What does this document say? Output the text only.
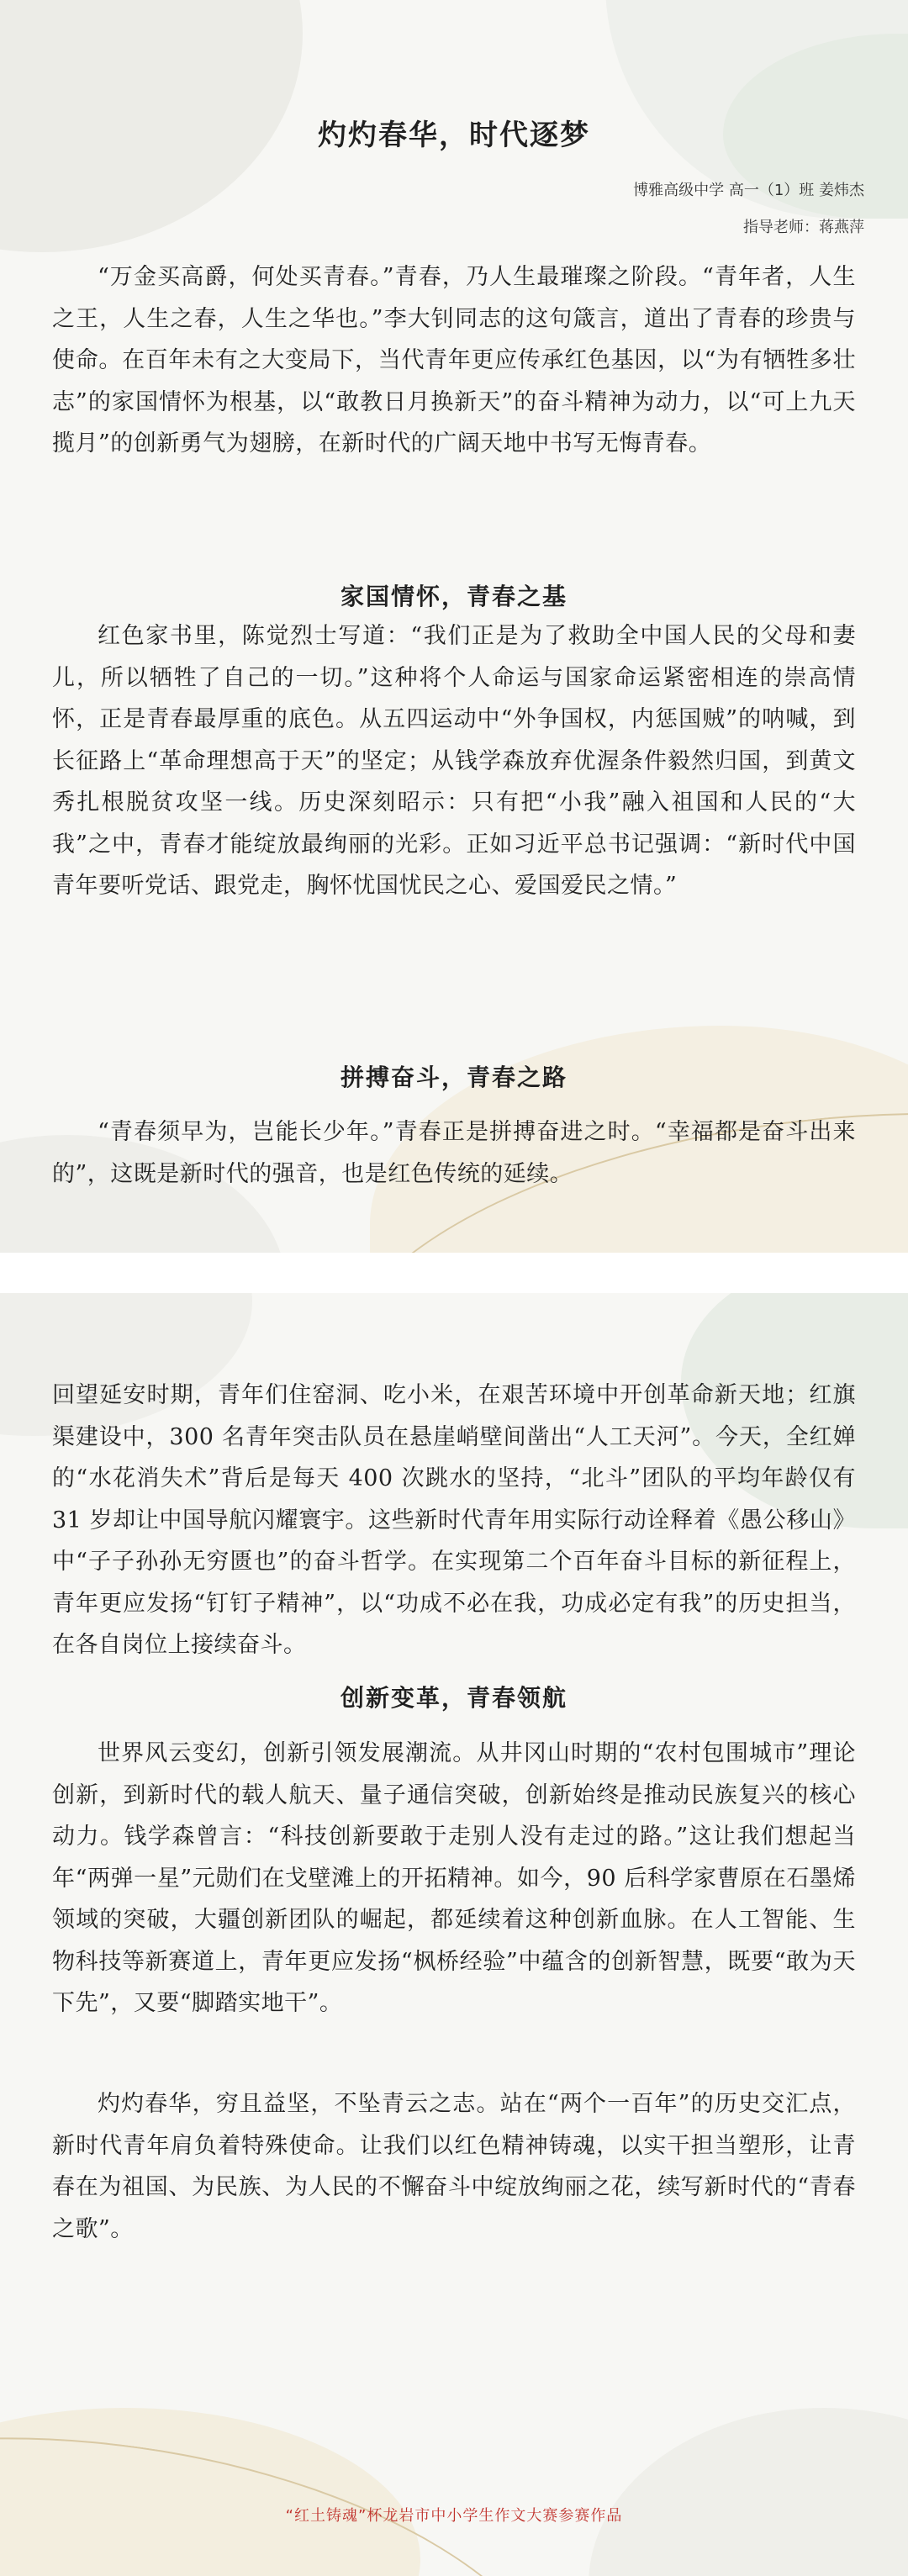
灼灼春华，时代逐梦
博雅高级中学 高一（1）班 姜炜杰
指导老师：蒋燕萍

“万金买高爵，何处买青春。”青春，乃人生最璀璨之阶段。“青年者，人生之王，人生之春，人生之华也。”李大钊同志的这句箴言，道出了青春的珍贵与使命。在百年未有之大变局下，当代青年更应传承红色基因，以“为有牺牲多壮志”的家国情怀为根基，以“敢教日月换新天”的奋斗精神为动力，以“可上九天揽月”的创新勇气为翅膀，在新时代的广阔天地中书写无悔青春。

家国情怀，青春之基

红色家书里，陈觉烈士写道：“我们正是为了救助全中国人民的父母和妻儿，所以牺牲了自己的一切。”这种将个人命运与国家命运紧密相连的崇高情怀，正是青春最厚重的底色。从五四运动中“外争国权，内惩国贼”的呐喊，到长征路上“革命理想高于天”的坚定；从钱学森放弃优渥条件毅然归国，到黄文秀扎根脱贫攻坚一线。历史深刻昭示：只有把“小我”融入祖国和人民的“大我”之中，青春才能绽放最绚丽的光彩。正如习近平总书记强调：“新时代中国青年要听党话、跟党走，胸怀忧国忧民之心、爱国爱民之情。”

拼搏奋斗，青春之路

“青春须早为，岂能长少年。”青春正是拼搏奋进之时。“幸福都是奋斗出来的”，这既是新时代的强音，也是红色传统的延续。

回望延安时期，青年们住窑洞、吃小米，在艰苦环境中开创革命新天地；红旗渠建设中，300 名青年突击队员在悬崖峭壁间凿出“人工天河”。今天，全红婵的“水花消失术”背后是每天 400 次跳水的坚持，“北斗”团队的平均年龄仅有 31 岁却让中国导航闪耀寰宇。这些新时代青年用实际行动诠释着《愚公移山》中“子子孙孙无穷匮也”的奋斗哲学。在实现第二个百年奋斗目标的新征程上，青年更应发扬“钉钉子精神”，以“功成不必在我，功成必定有我”的历史担当，在各自岗位上接续奋斗。

创新变革，青春领航

世界风云变幻，创新引领发展潮流。从井冈山时期的“农村包围城市”理论创新，到新时代的载人航天、量子通信突破，创新始终是推动民族复兴的核心动力。钱学森曾言：“科技创新要敢于走别人没有走过的路。”这让我们想起当年“两弹一星”元勋们在戈壁滩上的开拓精神。如今，90 后科学家曹原在石墨烯领域的突破，大疆创新团队的崛起，都延续着这种创新血脉。在人工智能、生物科技等新赛道上，青年更应发扬“枫桥经验”中蕴含的创新智慧，既要“敢为天下先”，又要“脚踏实地干”。

灼灼春华，穷且益坚，不坠青云之志。站在“两个一百年”的历史交汇点，新时代青年肩负着特殊使命。让我们以红色精神铸魂，以实干担当塑形，让青春在为祖国、为民族、为人民的不懈奋斗中绽放绚丽之花，续写新时代的“青春之歌”。

“红土铸魂”杯龙岩市中小学生作文大赛参赛作品
